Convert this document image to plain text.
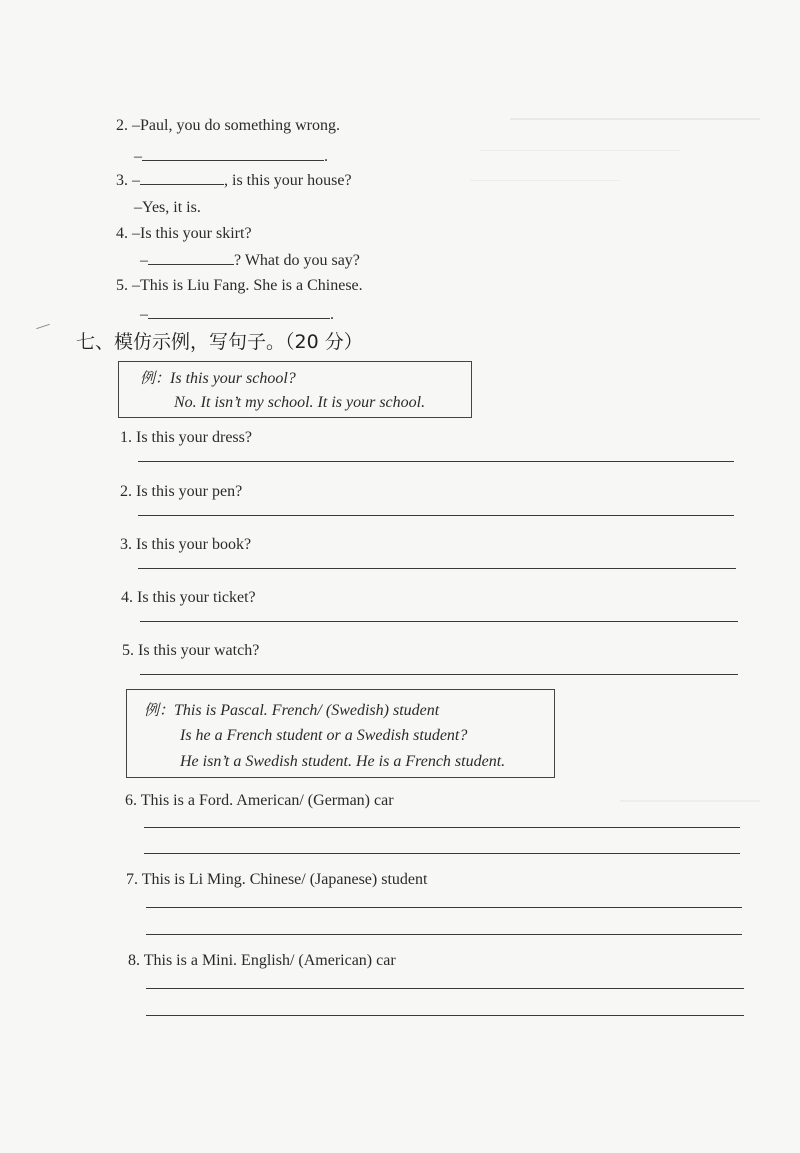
2. –Paul, you do something wrong.
–	.
3. –	, is this your house?
–Yes, it is.
4. –Is this your skirt?
–	? What do you say?
5. –This is Liu Fang. She is a Chinese.
–	.
七、模仿示例，写句子。（20 分）
例：Is this your school?
No. It isn’t my school. It is your school.
1. Is this your dress?
2. Is this your pen?
3. Is this your book?
4. Is this your ticket?
5. Is this your watch?
例：This is Pascal. French/ (Swedish) student
Is he a French student or a Swedish student?
He isn’t a Swedish student. He is a French student.
6. This is a Ford. American/ (German) car
7. This is Li Ming. Chinese/ (Japanese) student
8. This is a Mini. English/ (American) car
